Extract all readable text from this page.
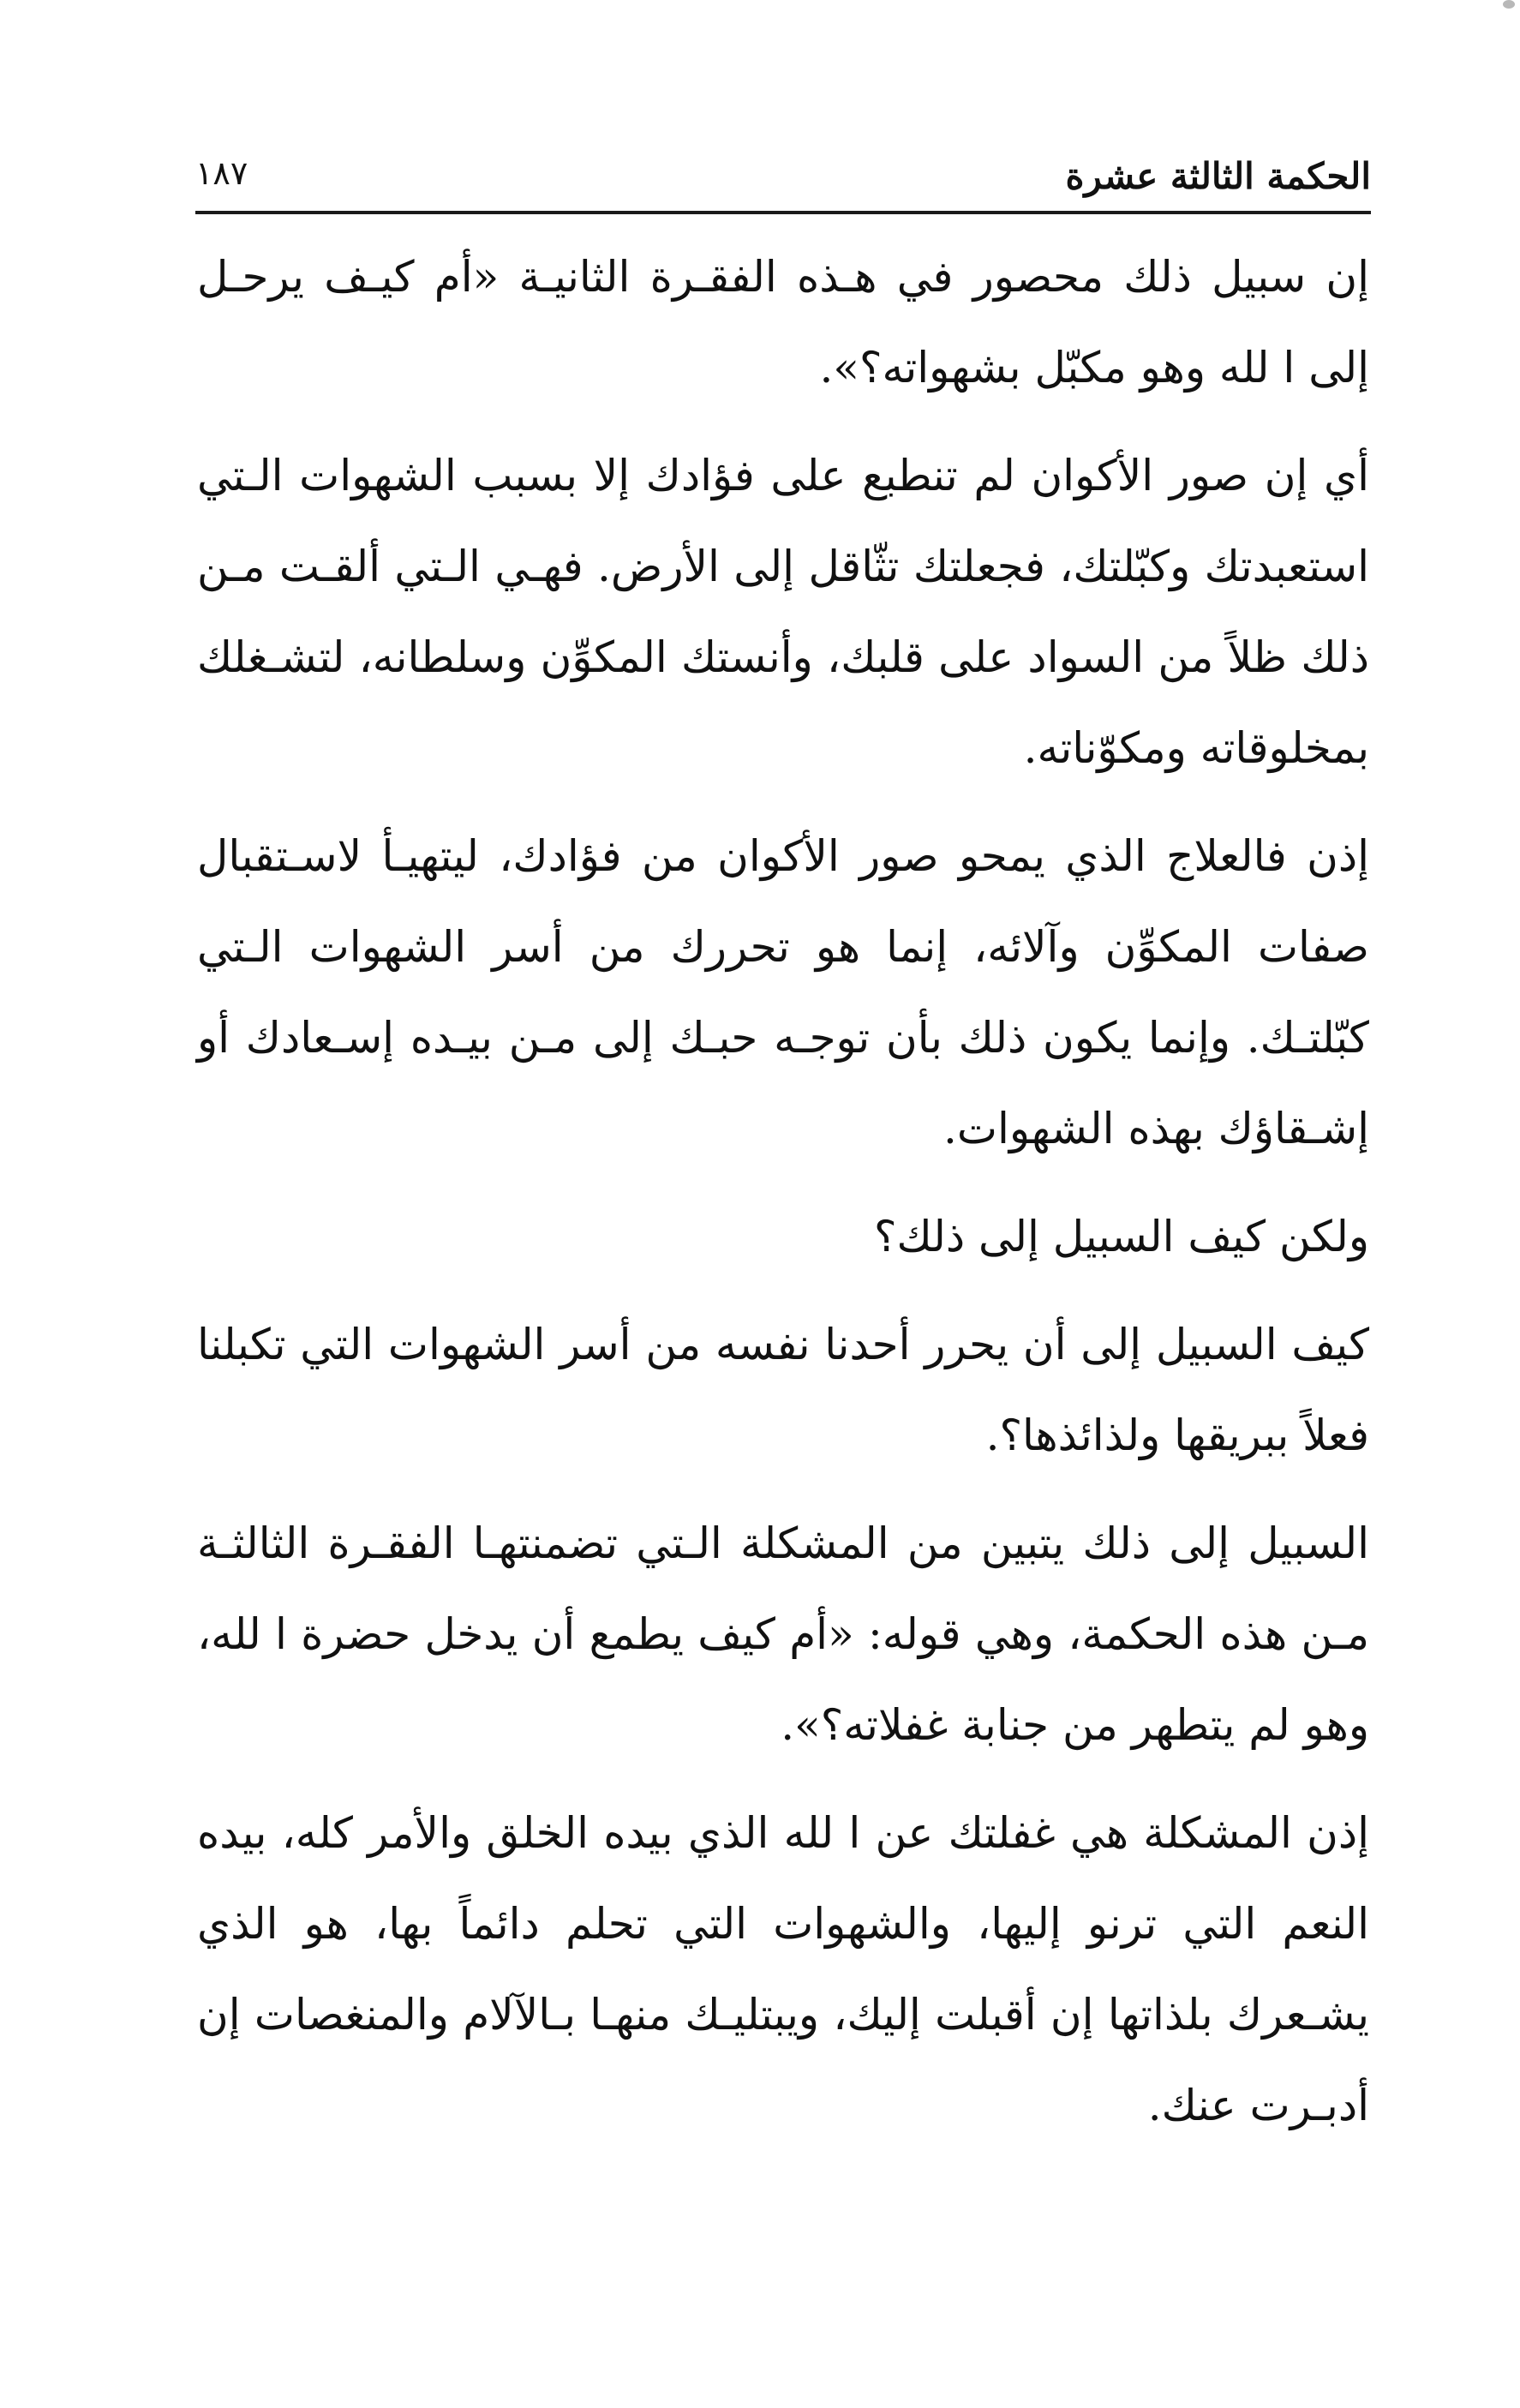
الحكمة الثالثة عشرة
١٨٧

إن سبيل ذلك محصور في هـذه الفقـرة الثانيـة «أم كيـف يرحـل إلى ا لله وهو مكبّل بشهواته؟».

أي إن صور الأكوان لم تنطبع على فؤادك إلا بسبب الشهوات الـتي استعبدتك وكبّلتك، فجعلتك تثّاقل إلى الأرض. فهـي الـتي ألقـت مـن ذلك ظلاً من السواد على قلبك، وأنستك المكوِّن وسلطانه، لتشـغلك بمخلوقاته ومكوّناته.

إذن فالعلاج الذي يمحو صور الأكوان من فؤادك، ليتهيـأ لاسـتقبال صفات المكوِّن وآلائه، إنما هو تحررك من أسر الشهوات الـتي كبّلتـك. وإنما يكون ذلك بأن توجـه حبـك إلى مـن بيـده إسـعادك أو إشـقاؤك بهذه الشهوات.

ولكن كيف السبيل إلى ذلك؟

كيف السبيل إلى أن يحرر أحدنا نفسه من أسر الشهوات التي تكبلنا فعلاً ببريقها ولذائذها؟.

السبيل إلى ذلك يتبين من المشكلة الـتي تضمنتهـا الفقـرة الثالثـة مـن هذه الحكمة، وهي قوله: «أم كيف يطمع أن يدخل حضرة ا لله، وهو لم يتطهر من جنابة غفلاته؟».

إذن المشكلة هي غفلتك عن ا لله الذي بيده الخلق والأمر كله، بيده النعم التي ترنو إليها، والشهوات التي تحلم دائماً بها، هو الذي يشـعرك بلذاتها إن أقبلت إليك، ويبتليـك منهـا بـالآلام والمنغصات إن أدبـرت عنك.
